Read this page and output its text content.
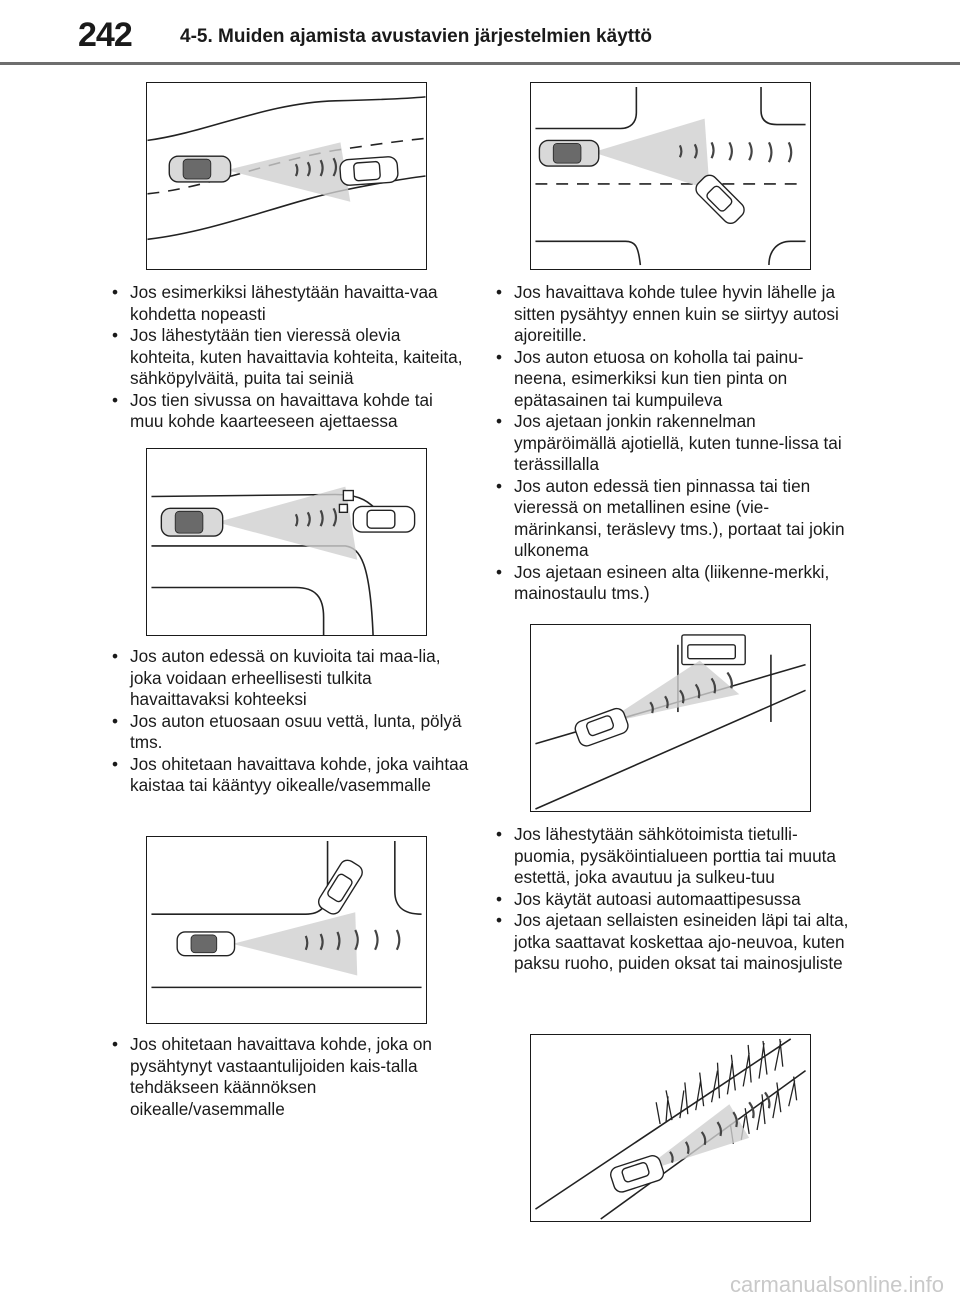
242	4-5. Muiden ajamista avustavien järjestelmien käyttö
• Jos esimerkiksi lähestytään havaitta-vaa kohdetta nopeasti
• Jos lähestytään tien vieressä olevia kohteita, kuten havaittavia kohteita, kaiteita, sähköpylväitä, puita tai seiniä
• Jos tien sivussa on havaittava kohde tai muu kohde kaarteeseen ajettaessa
• Jos auton edessä on kuvioita tai maa-lia, joka voidaan erheellisesti tulkita havaittavaksi kohteeksi
• Jos auton etuosaan osuu vettä, lunta, pölyä tms.
• Jos ohitetaan havaittava kohde, joka vaihtaa kaistaa tai kääntyy oikealle/vasemmalle
• Jos ohitetaan havaittava kohde, joka on pysähtynyt vastaantulijoiden kais-talla tehdäkseen käännöksen oikealle/vasemmalle
• Jos havaittava kohde tulee hyvin lähelle ja sitten pysähtyy ennen kuin se siirtyy autosi ajoreitille.
• Jos auton etuosa on koholla tai painu-neena, esimerkiksi kun tien pinta on epätasainen tai kumpuileva
• Jos ajetaan jonkin rakennelman ympäröimällä ajotiellä, kuten tunne-lissa tai terässillalla
• Jos auton edessä tien pinnassa tai tien vieressä on metallinen esine (vie-märinkansi, teräslevy tms.), portaat tai jokin ulkonema
• Jos ajetaan esineen alta (liikenne-merkki, mainostaulu tms.)
• Jos lähestytään sähkötoimista tietulli-puomia, pysäköintialueen porttia tai muuta estettä, joka avautuu ja sulkeu-tuu
• Jos käytät autoasi automaattipesussa
• Jos ajetaan sellaisten esineiden läpi tai alta, jotka saattavat koskettaa ajo-neuvoa, kuten paksu ruoho, puiden oksat tai mainosjuliste
carmanualsonline.info
